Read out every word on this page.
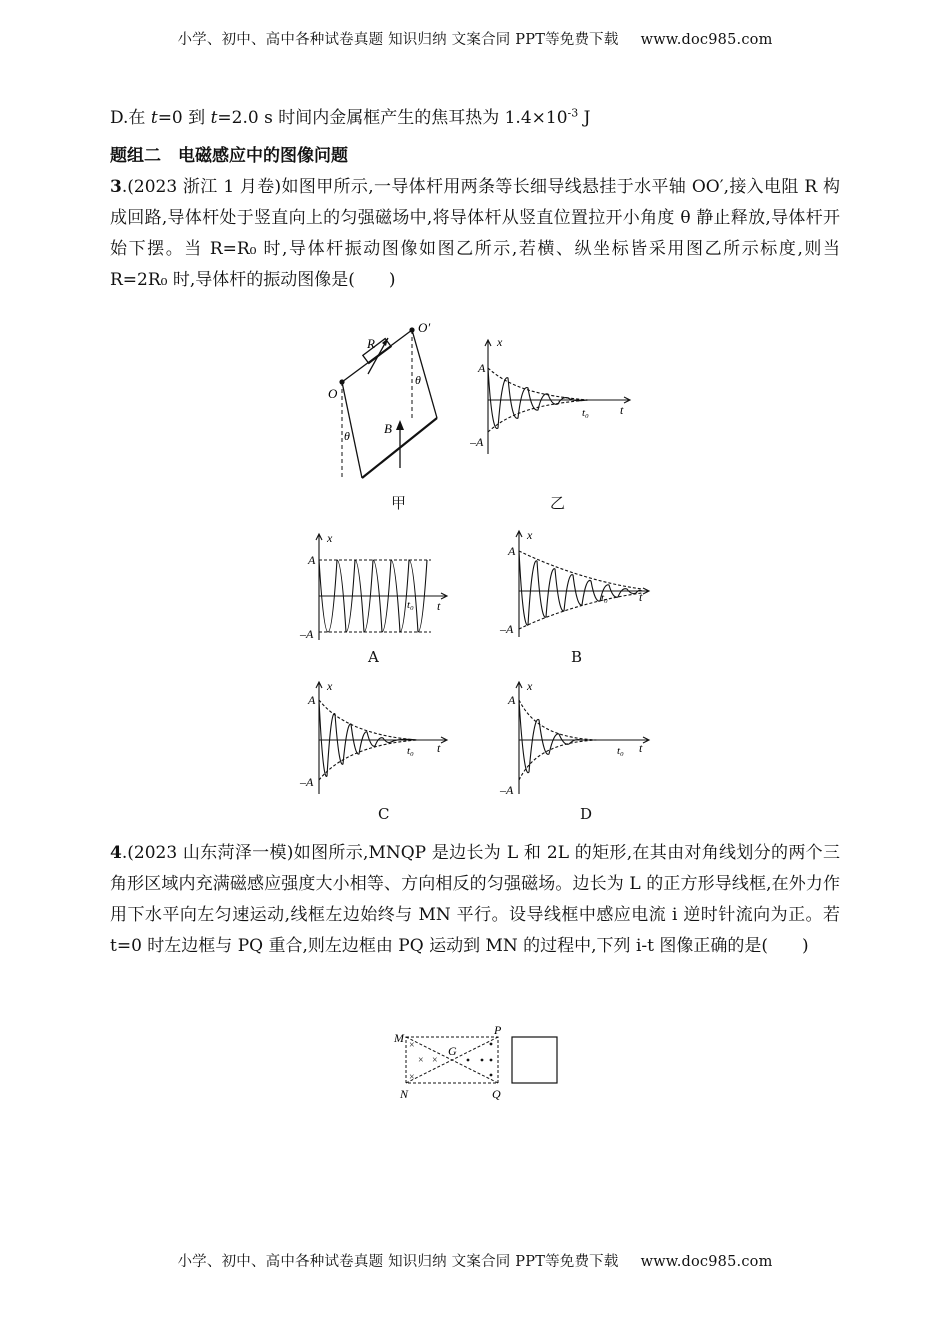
小学、初中、高中各种试卷真题 知识归纳 文案合同 PPT等免费下载 www.doc985.com
D.在 t=0 到 t=2.0 s 时间内金属框产生的焦耳热为 $1.4\times 10^{-3}$ J
题组二　电磁感应中的图像问题
3.(2023 浙江 1 月卷)如图甲所示,一导体杆用两条等长细导线悬挂于水平轴 OO′,接入电阻 R 构成回路,导体杆处于竖直向上的匀强磁场中,将导体杆从竖直位置拉开小角度 θ 静止释放,导体杆开始下摆。当 R=R₀ 时,导体杆振动图像如图乙所示,若横、纵坐标皆采用图乙所示标度,则当 R=2R₀ 时,导体杆的振动图像是(　　)
R
O
O′
θ
θ	B
甲
x
A
–A
t₀	t
乙
x
A
–A
t₀ t
A
x
A
–A
t₀	t
B
x
A
–A
t₀ t
C
x
A
–A
t₀ t
D
4.(2023 山东菏泽一模)如图所示,MNQP 是边长为 L 和 2L 的矩形,在其由对角线划分的两个三角形区域内充满磁感应强度大小相等、方向相反的匀强磁场。边长为 L 的正方形导线框,在外力作用下水平向左匀速运动,线框左边始终与 MN 平行。设导线框中感应电流 i 逆时针流向为正。若 t=0 时左边框与 PQ 重合,则左边框由 PQ 运动到 MN 的过程中,下列 i-t 图像正确的是(　　)
×
× ×
×
M
N
P
Q
G
小学、初中、高中各种试卷真题 知识归纳 文案合同 PPT等免费下载 www.doc985.com
